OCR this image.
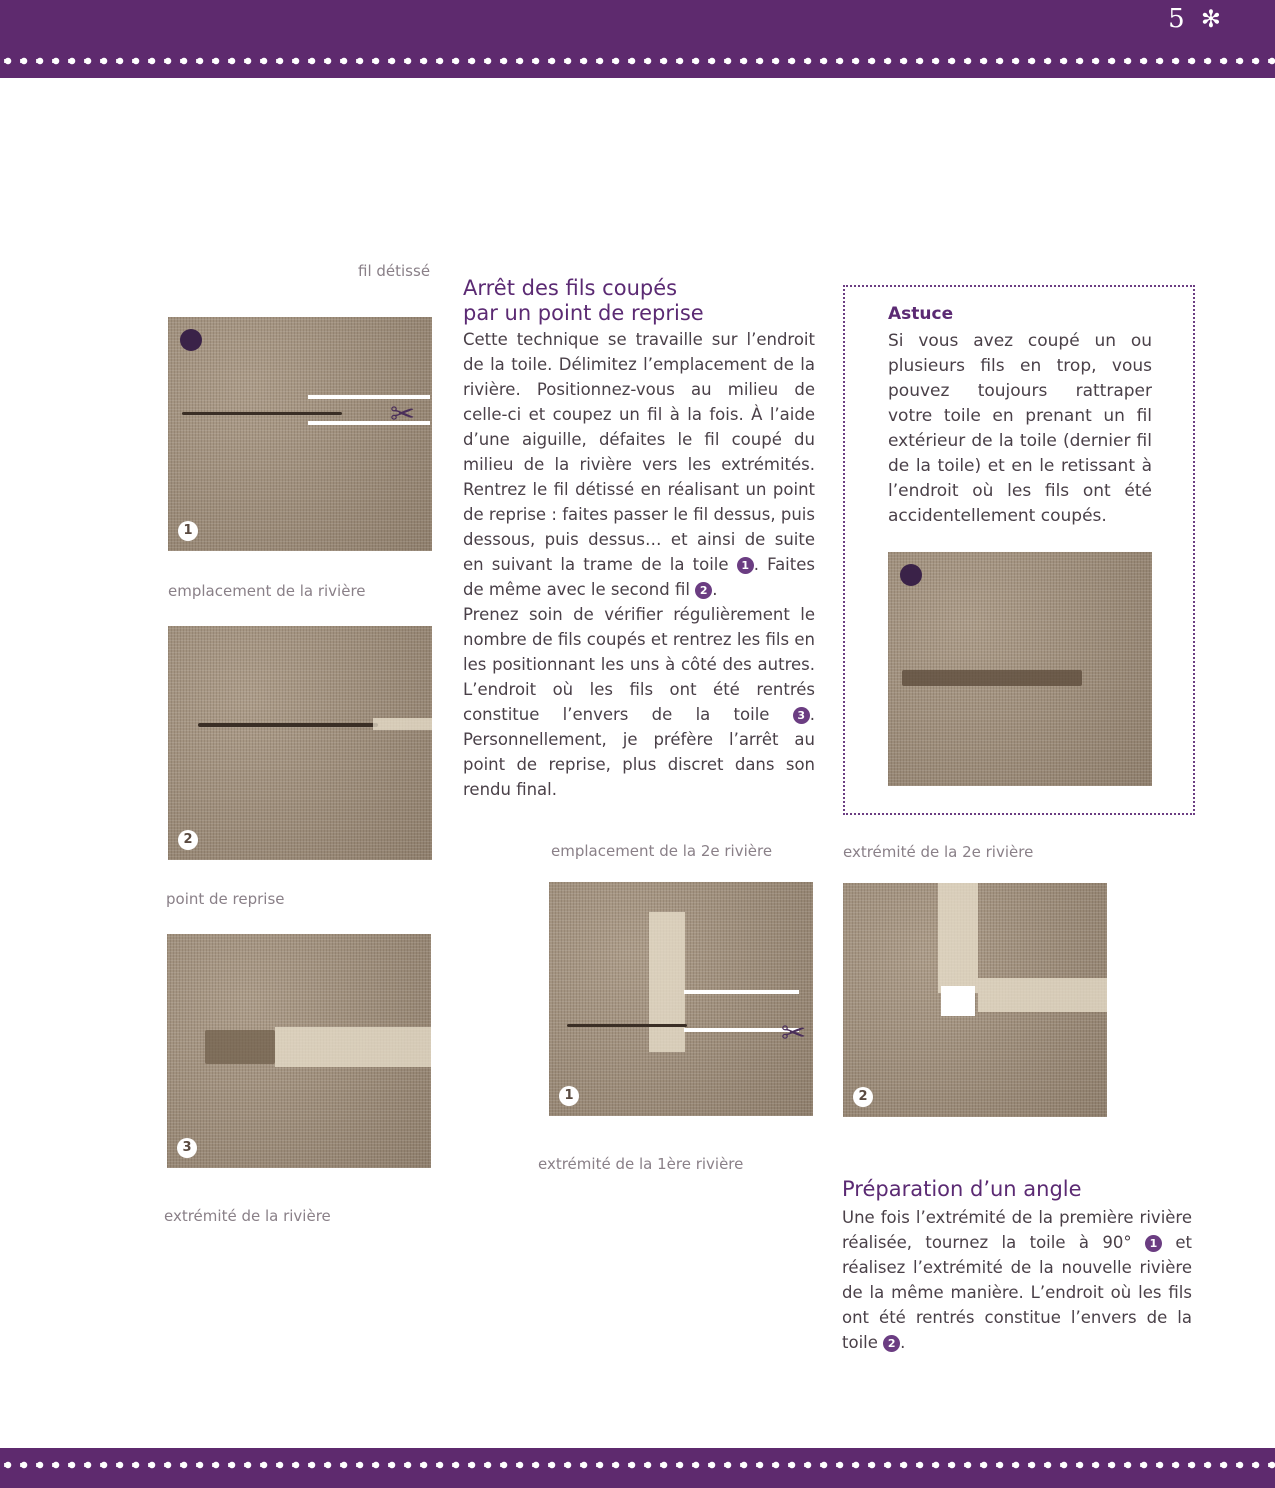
5 ✻
fil détissé
✂
1
emplacement de la rivière
2
point de reprise
3
extrémité de la rivière
Arrêt des fils coupés
par un point de reprise

Cette technique se travaille sur l’endroit de la toile. Délimitez l’emplacement de la rivière. Positionnez-vous au milieu de celle-ci et coupez un fil à la fois. À l’aide d’une aiguille, défaites le fil coupé du milieu de la rivière vers les extrémités. Rentrez le fil détissé en réalisant un point de reprise : faites passer le fil dessus, puis dessous, puis dessus… et ainsi de suite en suivant la trame de la toile 1 . Faites de même avec le second fil 2 .

Prenez soin de vérifier régulièrement le nombre de fils coupés et rentrez les fils en les positionnant les uns à côté des autres. L’endroit où les fils ont été rentrés constitue l’envers de la toile	3 . Personnellement, je préfère l’arrêt au point de reprise, plus discret dans son rendu final.

Astuce

Si vous avez coupé un ou plusieurs fils en trop, vous pouvez toujours rattraper votre toile en prenant un fil extérieur de la toile (dernier fil de la toile) et en le retissant à l’endroit où les fils ont été accidentellement coupés.

emplacement de la 2e rivière
✂
1
extrémité de la 1ère rivière
extrémité de la 2e rivière
2
Préparation d’un angle

Une fois l’extrémité de la première rivière réalisée, tournez la toile à 90° 1 et réalisez l’extrémité de la nouvelle rivière de la même manière. L’endroit où les fils ont été rentrés constitue l’envers de la toile 2 .
